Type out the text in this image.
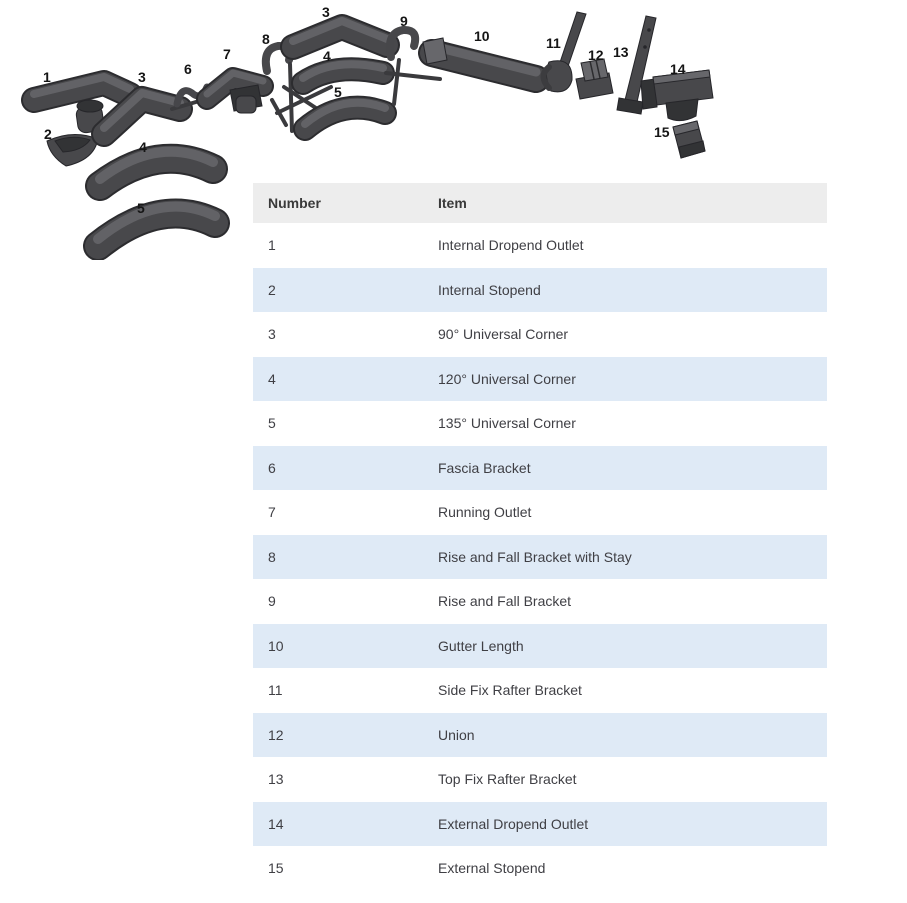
1
2
3
4
5
6
7
8
3
4
5
9
10	11
12 13
14
15
Number	Item
1	Internal Dropend Outlet
2	Internal Stopend
3	90° Universal Corner
4	120° Universal Corner
5	135° Universal Corner
6	Fascia Bracket
7	Running Outlet
8	Rise and Fall Bracket with Stay
9	Rise and Fall Bracket
10	Gutter Length
11	Side Fix Rafter Bracket
12	Union
13	Top Fix Rafter Bracket
14	External Dropend Outlet
15	External Stopend
